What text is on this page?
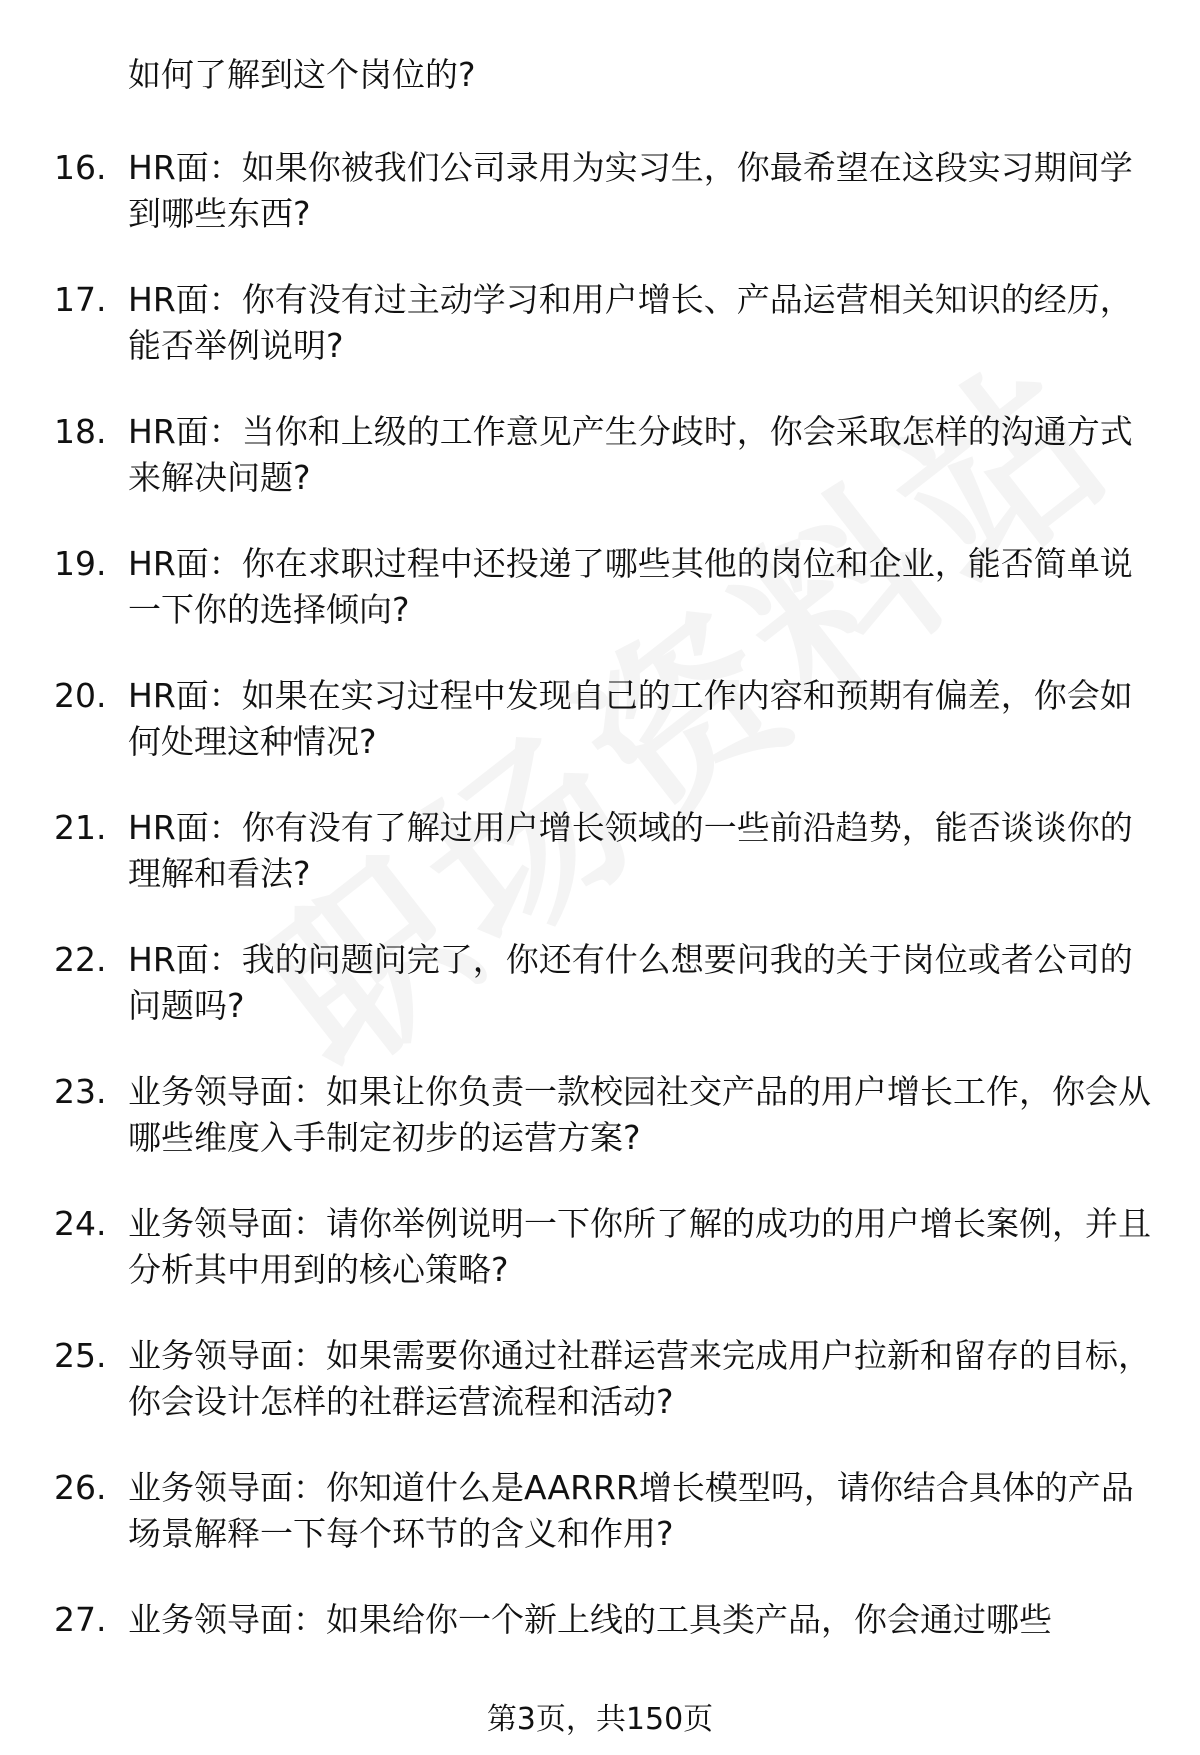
如何了解到这个岗位的?

16. HR面：如果你被我们公司录用为实习生，你最希望在这段实习期间学到哪些东西?
17. HR面：你有没有过主动学习和用户增长、产品运营相关知识的经历，能否举例说明?
18. HR面：当你和上级的工作意见产生分歧时，你会采取怎样的沟通方式来解决问题?
19. HR面：你在求职过程中还投递了哪些其他的岗位和企业，能否简单说一下你的选择倾向?
20. HR面：如果在实习过程中发现自己的工作内容和预期有偏差，你会如何处理这种情况?
21. HR面：你有没有了解过用户增长领域的一些前沿趋势，能否谈谈你的理解和看法?
22. HR面：我的问题问完了，你还有什么想要问我的关于岗位或者公司的问题吗?
23. 业务领导面：如果让你负责一款校园社交产品的用户增长工作，你会从哪些维度入手制定初步的运营方案?
24. 业务领导面：请你举例说明一下你所了解的成功的用户增长案例，并且分析其中用到的核心策略?
25. 业务领导面：如果需要你通过社群运营来完成用户拉新和留存的目标，你会设计怎样的社群运营流程和活动?
26. 业务领导面：你知道什么是AARRR增长模型吗，请你结合具体的产品场景解释一下每个环节的含义和作用?
27. 业务领导面：如果给你一个新上线的工具类产品，你会通过哪些
第3页，共150页
